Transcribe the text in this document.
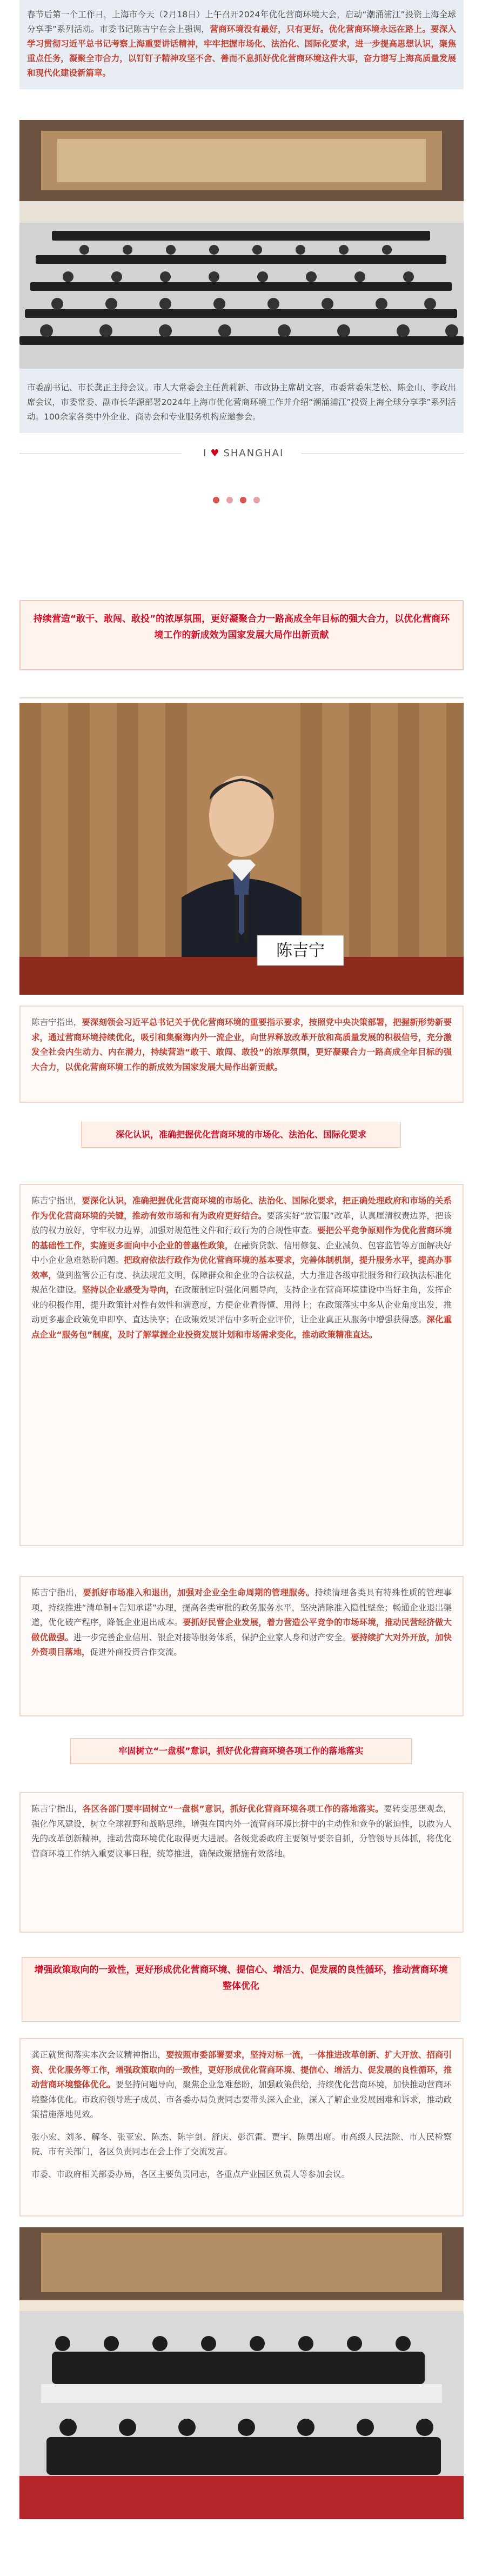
春节后第一个工作日，上海市今天（2月18日）上午召开2024年优化营商环境大会，启动“潮涌浦江”投资上海全球分享季”系列活动。市委书记陈吉宁在会上强调，营商环境没有最好，只有更好。优化营商环境永远在路上。要深入学习贯彻习近平总书记考察上海重要讲话精神，牢牢把握市场化、法治化、国际化要求，进一步提高思想认识，聚焦重点任务，凝聚全市合力，以钉钉子精神攻坚不舍、善而不息抓好优化营商环境这件大事，奋力谱写上海高质量发展和现代化建设新篇章。

市委副书记、市长龚正主持会议。市人大常委会主任黄莉新、市政协主席胡文容，市委常委朱芝松、陈金山、李政出席会议，市委常委、副市长华源部署2024年上海市优化营商环境工作并介绍“潮涌浦江”投资上海全球分享季”系列活动。100余家各类中外企业、商协会和专业服务机构应邀参会。

I ♥ SHANGHAI

持续营造“敢干、敢闯、敢投”的浓厚氛围，更好凝聚合力一路高成全年目标的强大合力，以优化营商环境工作的新成效为国家发展大局作出新贡献

陈吉宁

陈吉宁指出，要深刻领会习近平总书记关于优化营商环境的重要指示要求，按照党中央决策部署，把握新形势新要求，通过营商环境持续优化，吸引和集聚海内外一流企业，向世界释放改革开放和高质量发展的积极信号，充分激发全社会内生动力、内在潜力，持续营造“敢干、敢闯、敢投”的浓厚氛围，更好凝聚合力一路高成全年目标的强大合力，以优化营商环境工作的新成效为国家发展大局作出新贡献。

深化认识，准确把握优化营商环境的市场化、法治化、国际化要求

陈吉宁指出，要深化认识，准确把握优化营商环境的市场化、法治化、国际化要求，把正确处理政府和市场的关系作为优化营商环境的关键，推动有效市场和有为政府更好结合。要落实好“放管服”改革，认真厘清权责边界，把该放的权力放好，守牢权力边界，加强对规范性文件和行政行为的合规性审查。要把公平竞争原则作为优化营商环境的基础性工作，实施更多面向中小企业的普惠性政策，在融资贷款、信用修复、企业减负、包容监管等方面解决好中小企业急难愁盼问题。把政府依法行政作为优化营商环境的基本要求，完善体制机制，提升服务水平，提高办事效率，做到监管公正有度、执法规范文明，保障群众和企业的合法权益，大力推进各级审批服务和行政执法标准化规范化建设。坚持以企业感受为导向，在政策制定时强化问题导向，支持企业在营商环境建设中当好主角，发挥企业的积极作用，提升政策针对性有效性和满意度，方便企业看得懂、用得上；在政策落实中多从企业角度出发，推动更多惠企政策免申即享、直达快享；在政策效果评估中多听企业评价，让企业真正从服务中增强获得感。深化重点企业“服务包”制度，及时了解掌握企业投资发展计划和市场需求变化，推动政策精准直达。

陈吉宁指出，要抓好市场准入和退出，加强对企业全生命周期的管理服务。持续清理各类具有特殊性质的管理事项，持续推进“清单制+告知承诺”办理，提高各类审批的政务服务水平，坚决消除准入隐性壁垒；畅通企业退出渠道，优化破产程序，降低企业退出成本。要抓好民营企业发展，着力营造公平竞争的市场环境，推动民营经济做大做优做强。进一步完善企业信用、银企对接等服务体系，保护企业家人身和财产安全。要持续扩大对外开放，加快外资项目落地，促进外商投资合作交流。

牢固树立“一盘棋”意识，抓好优化营商环境各项工作的落地落实

陈吉宁指出，各区各部门要牢固树立“一盘棋”意识，抓好优化营商环境各项工作的落地落实。要转变思想观念，强化作风建设，树立全球视野和战略思维，增强在国内外一流营商环境比拼中的主动性和竞争的紧迫性，以敢为人先的改革创新精神，推动营商环境优化取得更大进展。各级党委政府主要领导要亲自抓，分管领导具体抓，将优化营商环境工作纳入重要议事日程，统筹推进，确保政策措施有效落地。

增强政策取向的一致性，更好形成优化营商环境、提信心、增活力、促发展的良性循环，推动营商环境整体优化

龚正就贯彻落实本次会议精神指出，要按照市委部署要求，坚持对标一流，一体推进改革创新、扩大开放、招商引资、优化服务等工作，增强政策取向的一致性，更好形成优化营商环境、提信心、增活力、促发展的良性循环，推动营商环境整体优化。要坚持问题导向，聚焦企业急难愁盼，加强政策供给，持续优化营商环境，加快推动营商环境整体优化。市政府领导班子成员、市各委办局负责同志要带头深入企业，深入了解企业发展困难和诉求，推动政策措施落地见效。

张小宏、刘多、解冬、张亚宏、陈杰、陈宇剑、舒庆、彭沉雷、贾宇、陈勇出席。市高级人民法院、市人民检察院、市有关部门，各区负责同志在会上作了交流发言。

市委、市政府相关部委办局，各区主要负责同志，各重点产业园区负责人等参加会议。
